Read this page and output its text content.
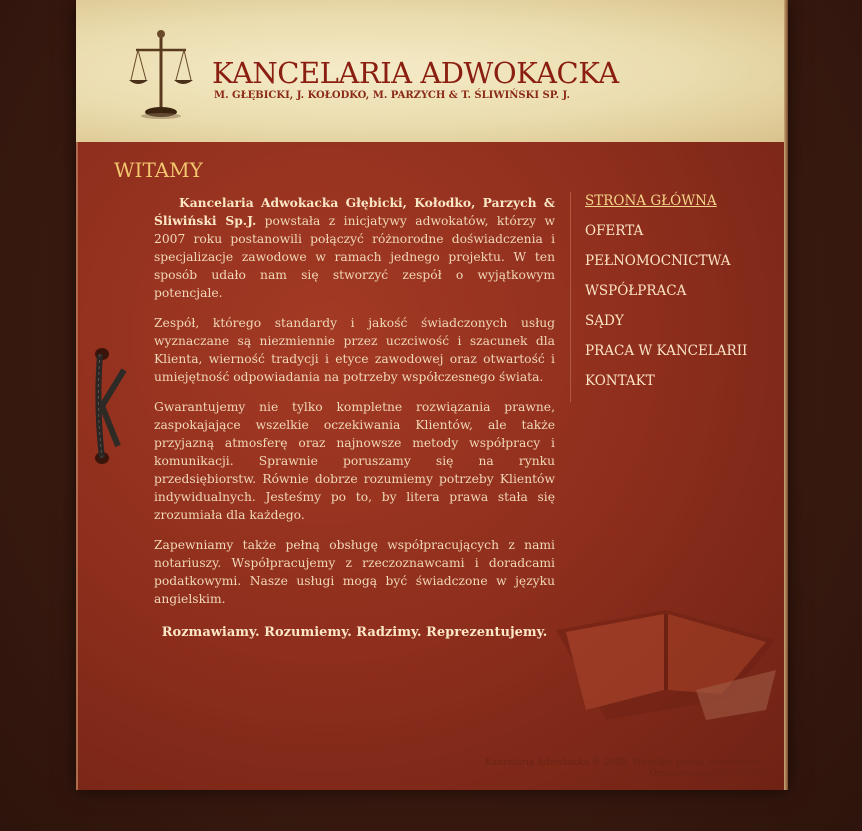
KANCELARIA ADWOKACKA
M. GŁĘBICKI, J. KOŁODKO, M. PARZYCH & T. ŚLIWIŃSKI SP. J.
WITAMY

Kancelaria Adwokacka Głębicki, Kołodko, Parzych & Śliwiński Sp.J. powstała z inicjatywy adwokatów, którzy w 2007 roku postanowili połączyć różnorodne doświadczenia i specjalizacje zawodowe w ramach jednego projektu. W ten sposób udało nam się stworzyć zespół o wyjątkowym potencjale.

Zespół, którego standardy i jakość świadczonych usług wyznaczane są niezmiennie przez uczciwość i szacunek dla Klienta, wierność tradycji i etyce zawodowej oraz otwartość i umiejętność odpowiadania na potrzeby współczesnego świata.

Gwarantujemy nie tylko kompletne rozwiązania prawne, zaspokajające wszelkie oczekiwania Klientów, ale także przyjazną atmosferę oraz najnowsze metody współpracy i komunikacji. Sprawnie poruszamy się na rynku przedsiębiorstw. Równie dobrze rozumiemy potrzeby Klientów indywidualnych. Jesteśmy po to, by litera prawa stała się zrozumiała dla każdego.

Zapewniamy także pełną obsługę współpracujących z nami notariuszy. Współpracujemy z rzeczoznawcami i doradcami podatkowymi. Nasze usługi mogą być świadczone w języku angielskim.

Rozmawiamy. Rozumiemy. Radzimy. Reprezentujemy.

STRONA GŁÓWNA
OFERTA
PEŁNOMOCNICTWA
WSPÓŁPRACA
SĄDY
PRACA W KANCELARII
KONTAKT
Kancelaria Adwokacka © 2008. Wszelkie prawa zastrzeżone.
Opracowanie SOLUTION
